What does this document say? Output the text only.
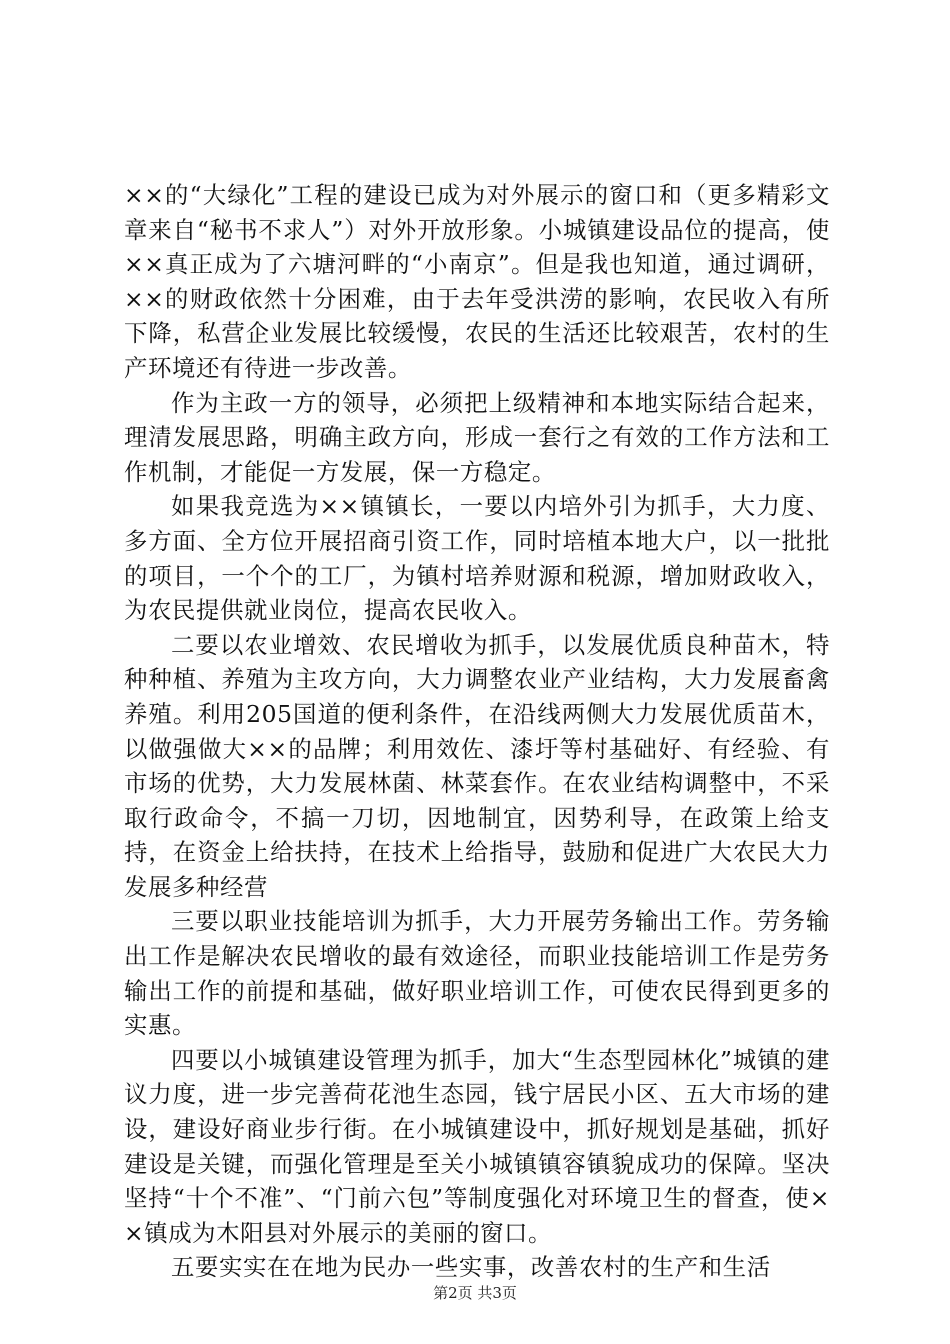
××的“大绿化”工程的建设已成为对外展示的窗口和（更多精彩文章来自“秘书不求人”）对外开放形象。小城镇建设品位的提高，使××真正成为了六塘河畔的“小南京”。但是我也知道，通过调研，××的财政依然十分困难，由于去年受洪涝的影响，农民收入有所下降，私营企业发展比较缓慢，农民的生活还比较艰苦，农村的生产环境还有待进一步改善。

作为主政一方的领导，必须把上级精神和本地实际结合起来，理清发展思路，明确主政方向，形成一套行之有效的工作方法和工作机制，才能促一方发展，保一方稳定。

如果我竞选为××镇镇长，一要以内培外引为抓手，大力度、多方面、全方位开展招商引资工作，同时培植本地大户，以一批批的项目，一个个的工厂，为镇村培养财源和税源，增加财政收入，为农民提供就业岗位，提高农民收入。

二要以农业增效、农民增收为抓手，以发展优质良种苗木，特种种植、养殖为主攻方向，大力调整农业产业结构，大力发展畜禽养殖。利用205国道的便利条件，在沿线两侧大力发展优质苗木，以做强做大××的品牌；利用效佐、漆圩等村基础好、有经验、有市场的优势，大力发展林菌、林菜套作。在农业结构调整中，不采取行政命令，不搞一刀切，因地制宜，因势利导，在政策上给支持，在资金上给扶持，在技术上给指导，鼓励和促进广大农民大力发展多种经营

三要以职业技能培训为抓手，大力开展劳务输出工作。劳务输出工作是解决农民增收的最有效途径，而职业技能培训工作是劳务输出工作的前提和基础，做好职业培训工作，可使农民得到更多的实惠。

四要以小城镇建设管理为抓手，加大“生态型园林化”城镇的建议力度，进一步完善荷花池生态园，钱宁居民小区、五大市场的建设，建设好商业步行街。在小城镇建设中，抓好规划是基础，抓好建设是关键，而强化管理是至关小城镇镇容镇貌成功的保障。坚决坚持“十个不准”、“门前六包”等制度强化对环境卫生的督查，使××镇成为木阳县对外展示的美丽的窗口。

五要实实在在地为民办一些实事，改善农村的生产和生活

第2页 共3页
